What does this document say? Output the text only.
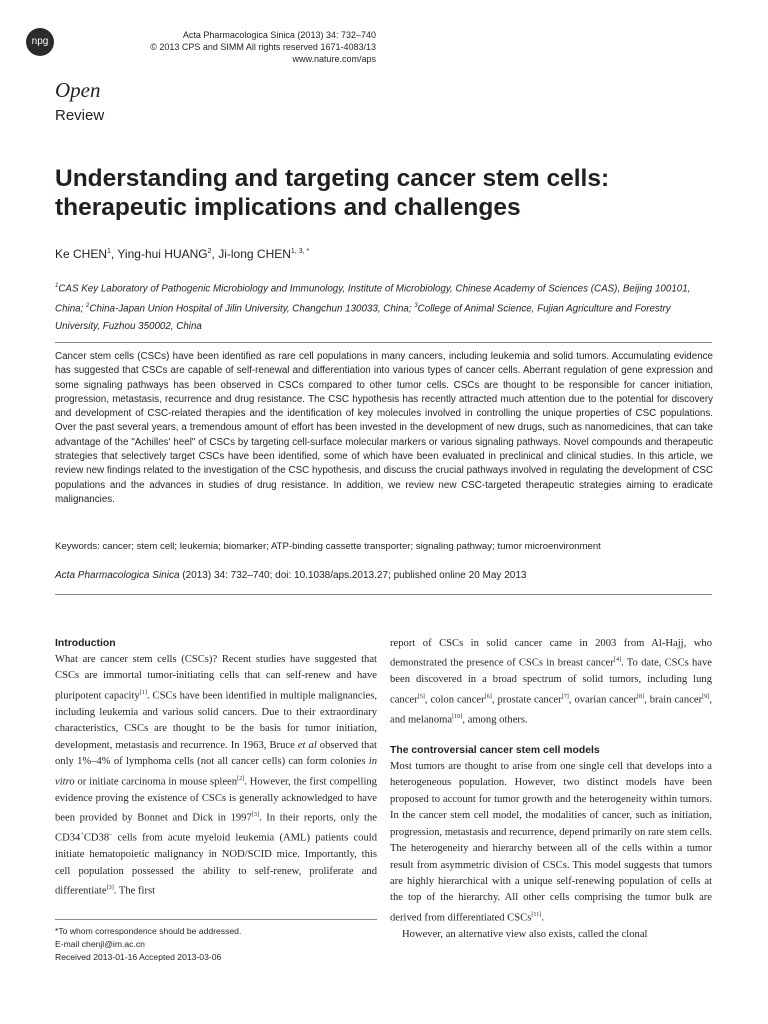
npg
Acta Pharmacologica Sinica (2013) 34: 732–740
© 2013 CPS and SIMM All rights reserved 1671-4083/13
www.nature.com/aps
Open
Review
Understanding and targeting cancer stem cells: therapeutic implications and challenges
Ke CHEN$^1$, Ying-hui HUANG$^2$, Ji-long $CHEN^{1, 3, *}$
$^1$CAS Key Laboratory of Pathogenic Microbiology and Immunology, Institute of Microbiology, Chinese Academy of Sciences (CAS), Beijing 100101, China; $^2$China-Japan Union Hospital of Jilin University, Changchun 130033, China; $^3$College of Animal Science, Fujian Agriculture and Forestry University, Fuzhou 350002, China
Cancer stem cells (CSCs) have been identified as rare cell populations in many cancers, including leukemia and solid tumors. Accumulating evidence has suggested that CSCs are capable of self-renewal and differentiation into various types of cancer cells. Aberrant regulation of gene expression and some signaling pathways has been observed in CSCs compared to other tumor cells. CSCs are thought to be responsible for cancer initiation, progression, metastasis, recurrence and drug resistance. The CSC hypothesis has recently attracted much attention due to the potential for discovery and development of CSC-related therapies and the identification of key molecules involved in controlling the unique properties of CSC populations. Over the past several years, a tremendous amount of effort has been invested in the development of new drugs, such as nanomedicines, that can take advantage of the "Achilles' heel" of CSCs by targeting cell-surface molecular markers or various signaling pathways. Novel compounds and therapeutic strategies that selectively target CSCs have been identified, some of which have been evaluated in preclinical and clinical studies. In this article, we review new findings related to the investigation of the CSC hypothesis, and discuss the crucial pathways involved in regulating the development of CSC populations and the advances in studies of drug resistance. In addition, we review new CSC-targeted therapeutic strategies aiming to eradicate malignancies.
Keywords: cancer; stem cell; leukemia; biomarker; ATP-binding cassette transporter; signaling pathway; tumor microenvironment
Acta Pharmacologica Sinica (2013) 34: 732–740; doi: 10.1038/aps.2013.27; published online 20 May 2013
Introduction

What are cancer stem cells (CSCs)? Recent studies have suggested that CSCs are immortal tumor-initiating cells that can self-renew and have pluripotent capacity[1]. CSCs have been identified in multiple malignancies, including leukemia and various solid cancers. Due to their extraordinary characteristics, CSCs are thought to be the basis for tumor initiation, development, metastasis and recurrence. In 1963, Bruce et al observed that only 1%–4% of lymphoma cells (not all cancer cells) can form colonies in vitro or initiate carcinoma in mouse spleen[2]. However, the first compelling evidence proving the existence of CSCs is generally acknowledged to have been provided by Bonnet and Dick in 1997[3]. In their reports, only the CD34+CD38– cells from acute myeloid leukemia (AML) patients could initiate hematopoietic malignancy in NOD/SCID mice. Importantly, this cell population possessed the ability to self-renew, proliferate and differentiate[3]. The first

*To whom correspondence should be addressed.
E-mail chenjl@im.ac.cn
Received 2013-01-16 Accepted 2013-03-06

report of CSCs in solid cancer came in 2003 from Al-Hajj, who demonstrated the presence of CSCs in breast cancer[4]. To date, CSCs have been discovered in a broad spectrum of solid tumors, including lung cancer[5], colon cancer[6], prostate cancer[7], ovarian cancer[8], brain cancer[9], and melanoma[10], among others.

The controversial cancer stem cell models

Most tumors are thought to arise from one single cell that develops into a heterogeneous population. However, two distinct models have been proposed to account for tumor growth and the heterogeneity within tumors. In the cancer stem cell model, the modalities of cancer, such as initiation, progression, metastasis and recurrence, depend primarily on rare stem cells. The heterogeneity and hierarchy between all of the cells within a tumor result from asymmetric division of CSCs. This model suggests that tumors are highly hierarchical with a unique self-renewing population of cells at the top of the hierarchy. All other cells comprising the tumor bulk are derived from differentiated CSCs[11].

However, an alternative view also exists, called the clonal
